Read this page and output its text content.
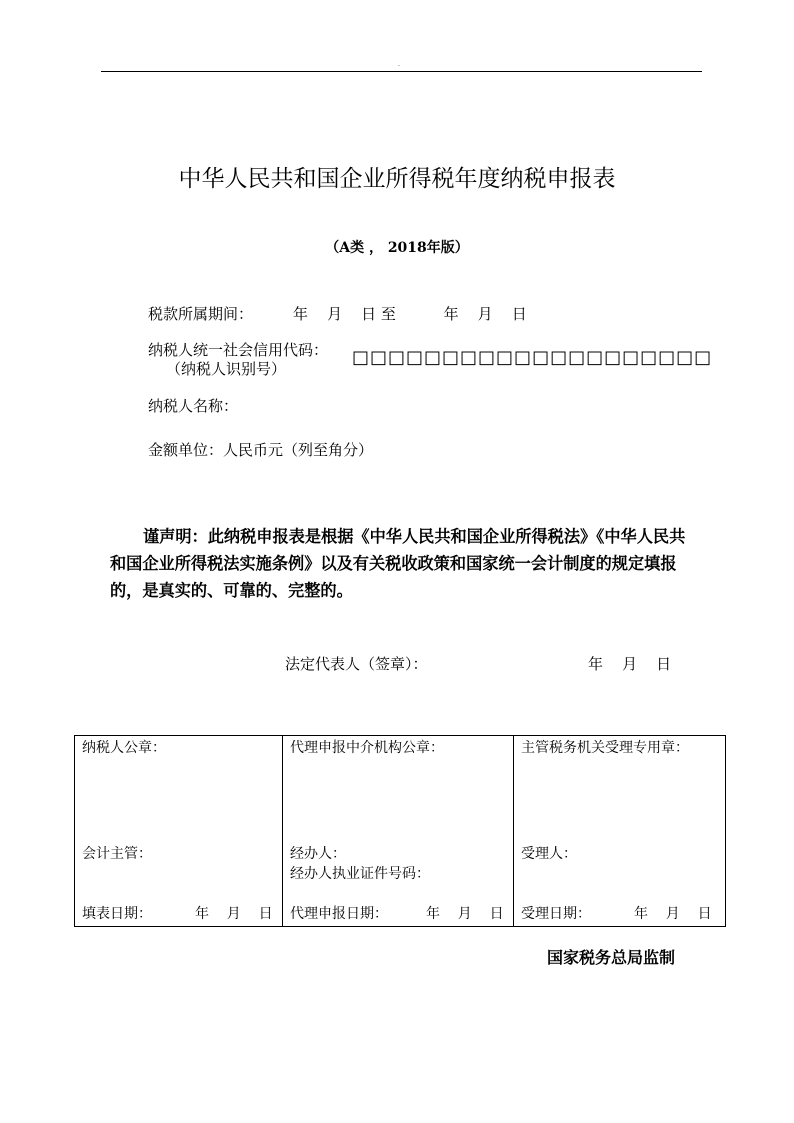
.
中华人民共和国企业所得税年度纳税申报表
（A类 ， 2018年版）
税款所属期间：	年    月    日 至          年    月    日
纳税人统一社会信用代码：
（纳税人识别号）
□□□□□□□□□□□□□□□□□□□□
纳税人名称：
金额单位：人民币元（列至角分）

谨声明：此纳税申报表是根据《中华人民共和国企业所得税法》《中华人民共和国企业所得税法实施条例》以及有关税收政策和国家统一会计制度的规定填报的，是真实的、可靠的、完整的。

法定代表人（签章）：	年    月    日
纳税人公章：
会计主管：
填表日期：	年    月    日

代理申报中介机构公章：
经办人：
经办人执业证件号码：
代理申报日期：	年    月    日

主管税务机关受理专用章：
受理人：
受理日期：	年    月    日
国家税务总局监制
